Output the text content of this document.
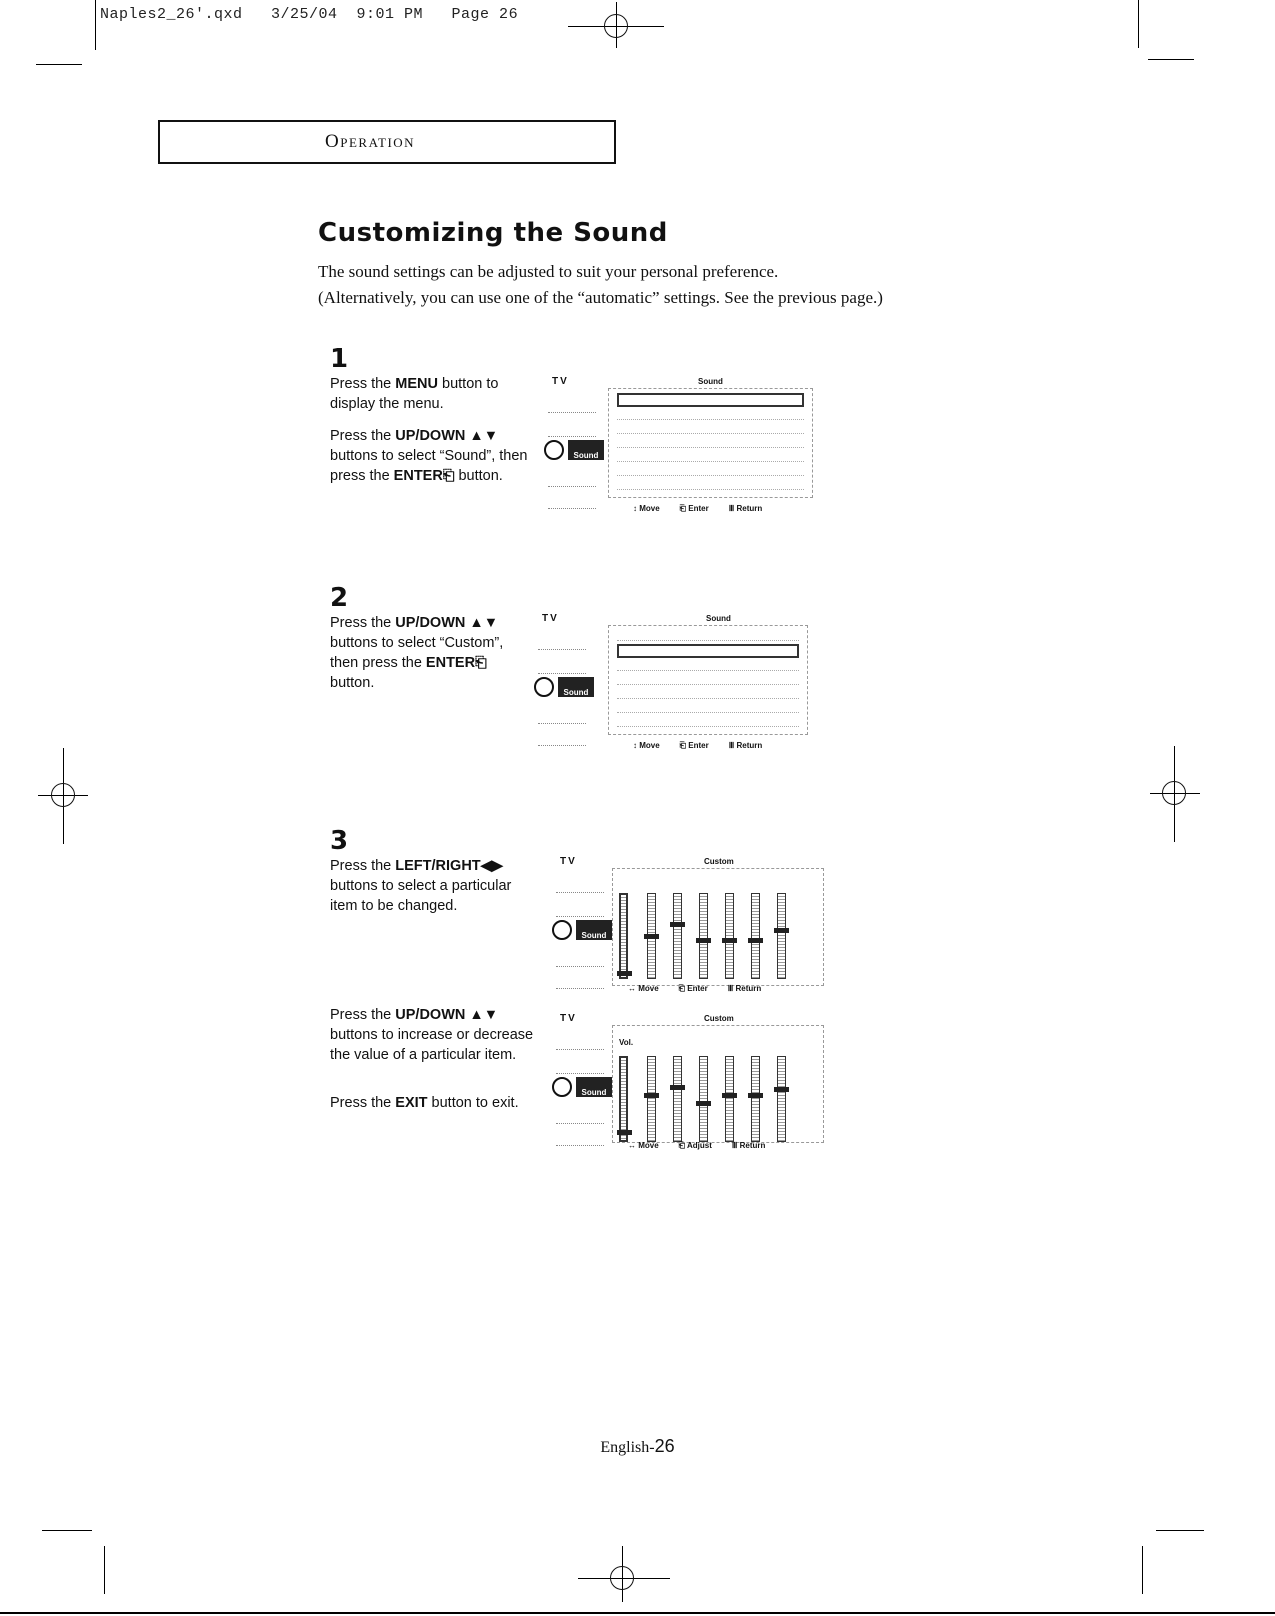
Naples2_26'.qxd   3/25/04  9:01 PM   Page 26
Operation
Customizing the Sound
The sound settings can be adjusted to suit your personal preference.
(Alternatively, you can use one of the “automatic” settings. See the previous page.)
1

Press the MENU button to display the menu.

Press the UP/DOWN ▲▼ buttons to select “Sound”, then press the ENTER⎗ button.

2

Press the UP/DOWN ▲▼ buttons to select “Custom”, then press the ENTER⎗ button.

3

Press the LEFT/RIGHT◀▶ buttons to select a particular item to be changed.

Press the UP/DOWN ▲▼ buttons to increase or decrease the value of a particular item.

Press the EXIT button to exit.

TV	Sound
Sound
↕ Move	⎗ Enter	Ⅲ Return
TV	Sound
Sound
↕ Move	⎗ Enter	Ⅲ Return
TV	Custom
Sound
↔ Move	⎗ Enter	Ⅲ Return
TV	Custom
Sound
Vol.
↔ Move	⎗ Adjust	Ⅲ Return
English-26
